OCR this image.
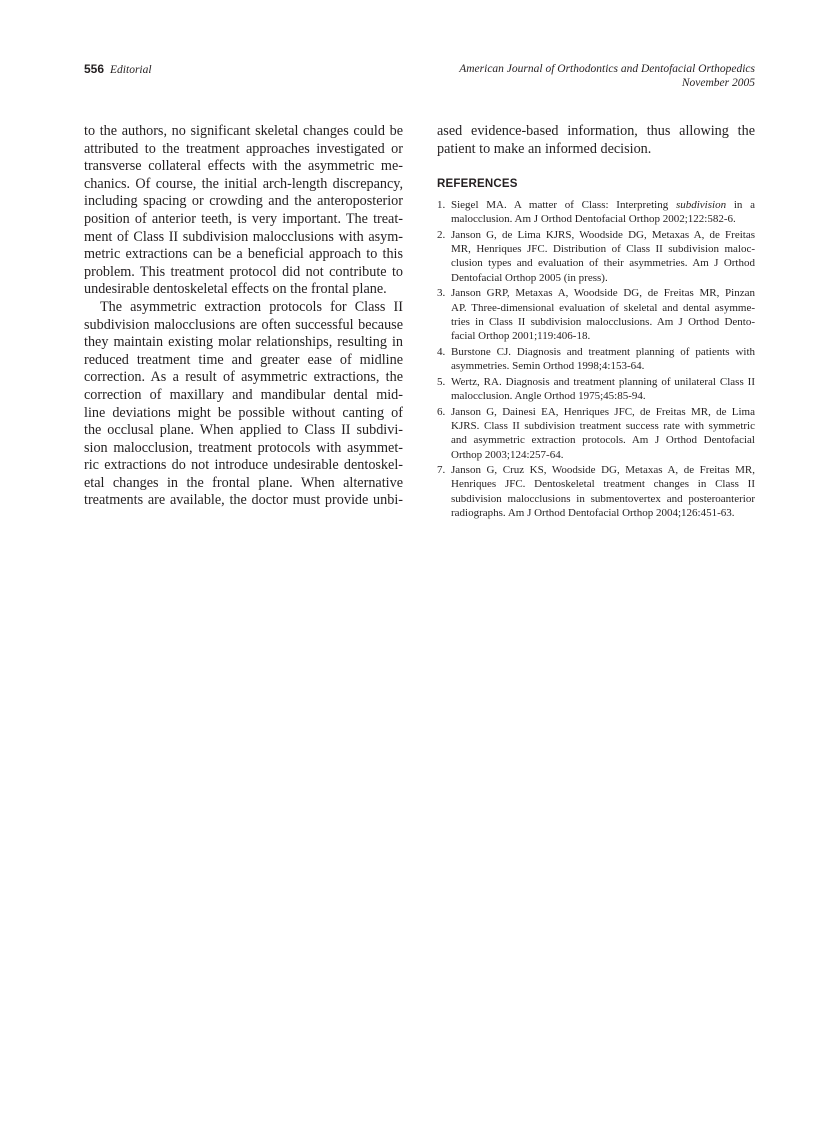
556 Editorial	American Journal of Orthodontics and Dentofacial Orthopedics
November 2005
to the authors, no significant skeletal changes could be
attributed to the treatment approaches investigated or
transverse collateral effects with the asymmetric me-
chanics. Of course, the initial arch-length discrepancy,
including spacing or crowding and the anteroposterior
position of anterior teeth, is very important. The treat-
ment of Class II subdivision malocclusions with asym-
metric extractions can be a beneficial approach to this
problem. This treatment protocol did not contribute to
undesirable dentoskeletal effects on the frontal plane.
The asymmetric extraction protocols for Class II
subdivision malocclusions are often successful because
they maintain existing molar relationships, resulting in
reduced treatment time and greater ease of midline
correction. As a result of asymmetric extractions, the
correction of maxillary and mandibular dental mid-
line deviations might be possible without canting of
the occlusal plane. When applied to Class II subdivi-
sion malocclusion, treatment protocols with asymmet-
ric extractions do not introduce undesirable dentoskel-
etal changes in the frontal plane. When alternative
treatments are available, the doctor must provide unbi-
ased evidence-based information, thus allowing the
patient to make an informed decision.
REFERENCES
1. Siegel MA. A matter of Class: Interpreting subdivision in a
malocclusion. Am J Orthod Dentofacial Orthop 2002;122:582-6.
2. Janson G, de Lima KJRS, Woodside DG, Metaxas A, de Freitas
MR, Henriques JFC. Distribution of Class II subdivision maloc-
clusion types and evaluation of their asymmetries. Am J Orthod
Dentofacial Orthop 2005 (in press).
3. Janson GRP, Metaxas A, Woodside DG, de Freitas MR, Pinzan
AP. Three-dimensional evaluation of skeletal and dental asymme-
tries in Class II subdivision malocclusions. Am J Orthod Dento-
facial Orthop 2001;119:406-18.
4. Burstone CJ. Diagnosis and treatment planning of patients with
asymmetries. Semin Orthod 1998;4:153-64.
5. Wertz, RA. Diagnosis and treatment planning of unilateral Class II
malocclusion. Angle Orthod 1975;45:85-94.
6. Janson G, Dainesi EA, Henriques JFC, de Freitas MR, de Lima
KJRS. Class II subdivision treatment success rate with symmetric
and asymmetric extraction protocols. Am J Orthod Dentofacial
Orthop 2003;124:257-64.
7. Janson G, Cruz KS, Woodside DG, Metaxas A, de Freitas MR,
Henriques JFC. Dentoskeletal treatment changes in Class II
subdivision malocclusions in submentovertex and posteroanterior
radiographs. Am J Orthod Dentofacial Orthop 2004;126:451-63.
